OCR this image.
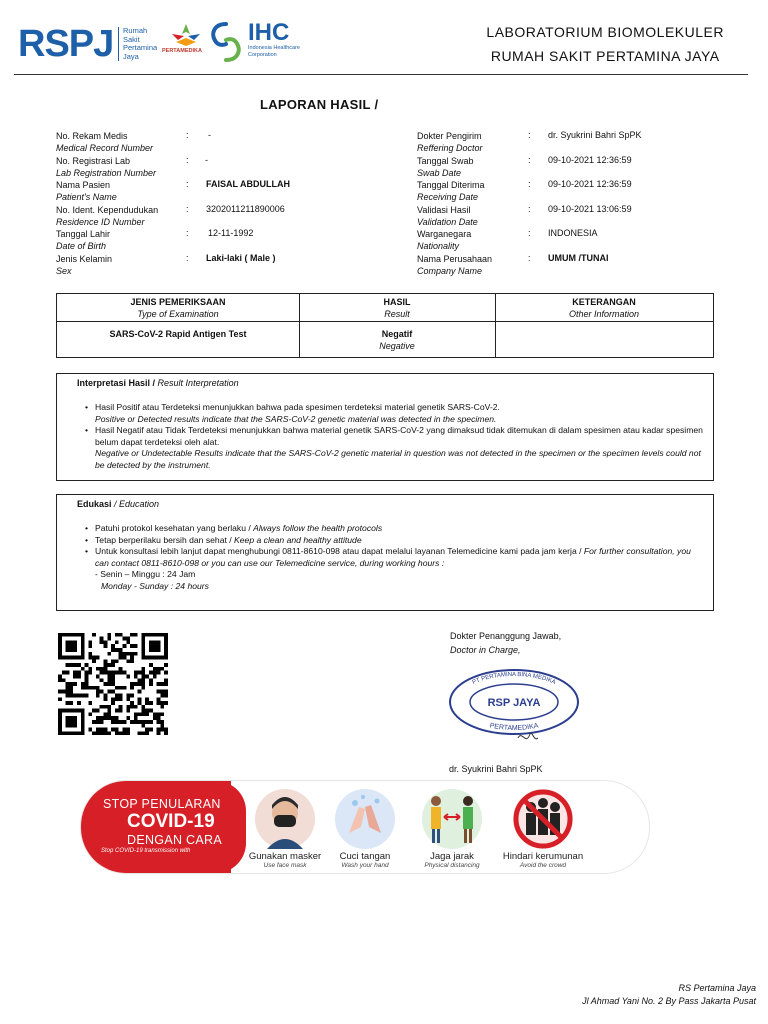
RSPJ Rumah
Sakit
Pertamina
Jaya
PERTAMEDIKA
IHC
Indonesia Healthcare
Corporation
LABORATORIUM BIOMOLEKULER
RUMAH SAKIT PERTAMINA JAYA
LAPORAN HASIL /
No. Rekam Medis
Medical Record Number
: -
No. Registrasi Lab
Lab Registration Number
: -
Nama Pasien
Patient's Name
: FAISAL ABDULLAH
No. Ident. Kependudukan
Residence ID Number
: 3202011211890006
Tanggal Lahir
Date of Birth
: 12-11-1992
Jenis Kelamin
Sex
: Laki-laki ( Male )
Dokter Pengirim
Reffering Doctor
: dr. Syukrini Bahri SpPK
Tanggal Swab
Swab Date
: 09-10-2021 12:36:59
Tanggal Diterima
Receiving Date
: 09-10-2021 12:36:59
Validasi Hasil
Validation Date
: 09-10-2021 13:06:59
Warganegara
Nationality
: INDONESIA
Nama Perusahaan
Company Name
: UMUM /TUNAI
JENIS PEMERIKSAAN
Type of Examination
HASIL
Result
KETERANGAN
Other Information
SARS-CoV-2 Rapid Antigen Test	Negatif
Negative
Interpretasi Hasil / Result Interpretation
• Hasil Positif atau Terdeteksi menunjukkan bahwa pada spesimen terdeteksi material genetik SARS-CoV-2.
Positive or Detected results indicate that the SARS-CoV-2 genetic material was detected in the specimen.
• Hasil Negatif atau Tidak Terdeteksi menunjukkan bahwa material genetik SARS-CoV-2 yang dimaksud tidak ditemukan di dalam spesimen atau kadar spesimen belum dapat terdeteksi oleh alat.
Negative or Undetectable Results indicate that the SARS-CoV-2 genetic material in question was not detected in the specimen or the specimen levels could not be detected by the instrument.
Edukasi / Education
• Patuhi protokol kesehatan yang berlaku / Always follow the health protocols
• Tetap berperilaku bersih dan sehat / Keep a clean and healthy attitude
• Untuk konsultasi lebih lanjut dapat menghubungi 0811-8610-098 atau dapat melalui layanan Telemedicine kami pada jam kerja / For further consultation, you can contact 0811-8610-098 or you can use our Telemedicine service, during working hours :
- Senin – Minggu : 24 Jam
Monday - Sunday : 24 hours
Dokter Penanggung Jawab,
Doctor in Charge,
RSP JAYA
PT PERTAMINA BINA MEDIKA
PERTAMEDIKA
dr. Syukrini Bahri SpPK
STOP PENULARAN
COVID-19
DENGAN CARA
Stop COVID-19 transmission with	Gunakan masker
Use face mask
Cuci tangan
Wash your hand
Jaga jarak
Physical distancing
Hindari kerumunan
Avoid the crowd
RS Pertamina Jaya
Jl Ahmad Yani No. 2 By Pass Jakarta Pusat
